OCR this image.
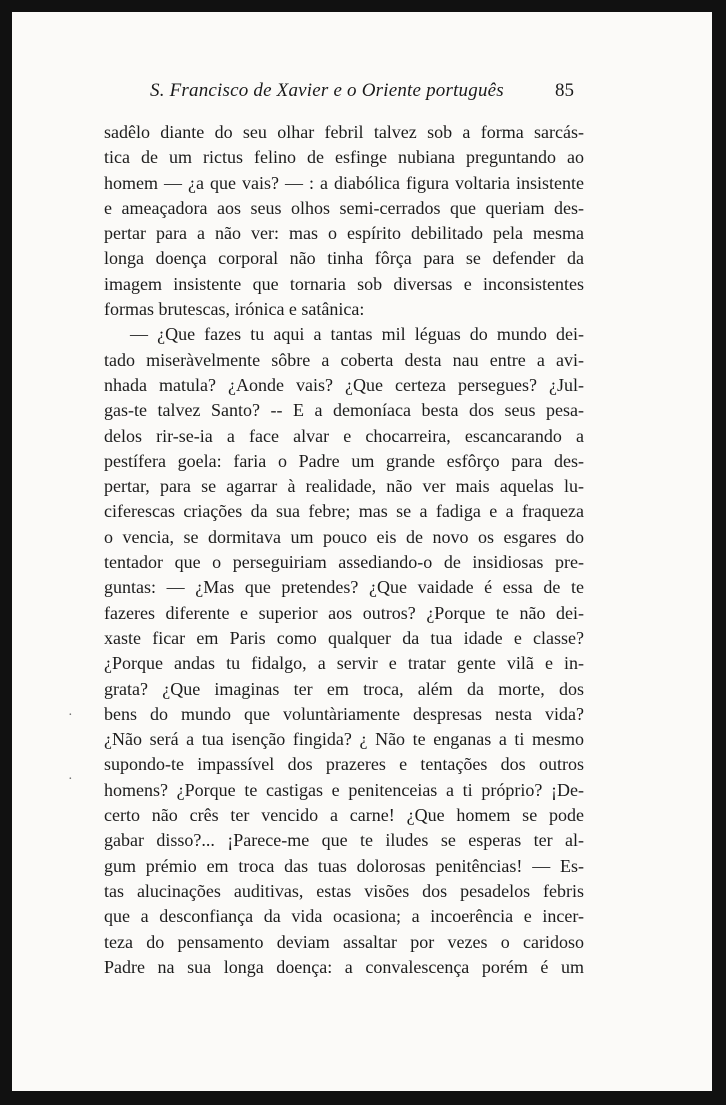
S. Francisco de Xavier e o Oriente português	85
sadêlo diante do seu olhar febril talvez sob a forma sarcás-
tica de um rictus felino de esfinge nubiana preguntando ao
homem — ¿a que vais? — : a diabólica figura voltaria insistente
e ameaçadora aos seus olhos semi-cerrados que queriam des-
pertar para a não ver: mas o espírito debilitado pela mesma
longa doença corporal não tinha fôrça para se defender da
imagem insistente que tornaria sob diversas e inconsistentes
formas brutescas, irónica e satânica:
— ¿Que fazes tu aqui a tantas mil léguas do mundo dei-
tado miseràvelmente sôbre a coberta desta nau entre a avi-
nhada matula? ¿Aonde vais? ¿Que certeza persegues? ¿Jul-
gas-te talvez Santo? -- E a demoníaca besta dos seus pesa-
delos rir-se-ia a face alvar e chocarreira, escancarando a
pestífera goela: faria o Padre um grande esfôrço para des-
pertar, para se agarrar à realidade, não ver mais aquelas lu-
ciferescas criações da sua febre; mas se a fadiga e a fraqueza
o vencia, se dormitava um pouco eis de novo os esgares do
tentador que o perseguiriam assediando-o de insidiosas pre-
guntas: — ¿Mas que pretendes? ¿Que vaidade é essa de te
fazeres diferente e superior aos outros? ¿Porque te não dei-
xaste ficar em Paris como qualquer da tua idade e classe?
¿Porque andas tu fidalgo, a servir e tratar gente vilã e in-
grata? ¿Que imaginas ter em troca, além da morte, dos
bens do mundo que voluntàriamente despresas nesta vida?
¿Não será a tua isenção fingida? ¿ Não te enganas a ti mesmo
supondo-te impassível dos prazeres e tentações dos outros
homens? ¿Porque te castigas e penitenceias a ti próprio? ¡De-
certo não crês ter vencido a carne! ¿Que homem se pode
gabar disso?... ¡Parece-me que te iludes se esperas ter al-
gum prémio em troca das tuas dolorosas penitências! — Es-
tas alucinações auditivas, estas visões dos pesadelos febris
que a desconfiança da vida ocasiona; a incoerência e incer-
teza do pensamento deviam assaltar por vezes o caridoso
Padre na sua longa doença: a convalescença porém é um
·
·
